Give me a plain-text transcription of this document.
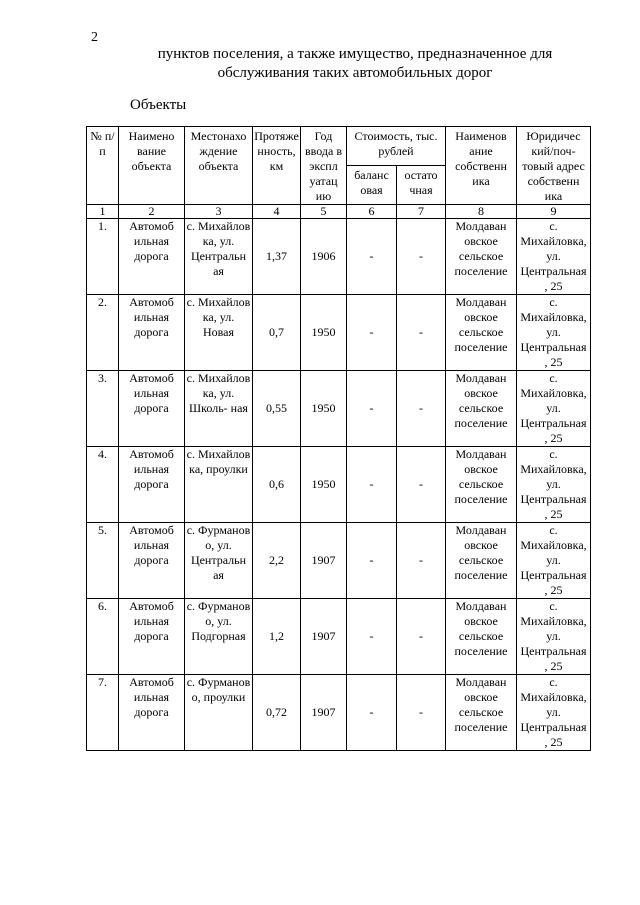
2
пунктов поселения, а также имущество, предназначенное для
обслуживания таких автомобильных дорог
Объекты
№ п/п	Наимено вание объекта	Местонахо ждение объекта	Протяже нность, км	Год ввода в экспл уатац ию	Стоимость, тыс. рублей		Наименов ание собственн ика	Юридичес кий/поч- товый адрес собственн ика
					баланс овая	остато чная		
1	2	3	4	5	6	7	8	9
1.	Автомоб ильная дорога	с. Михайлов ка, ул. Центральн ая	1,37	1906	-	-	Молдаван овское сельское поселение	с. Михайловка, ул. Центральная , 25
2.	Автомоб ильная дорога	с. Михайлов ка, ул. Новая	0,7	1950	-	-	Молдаван овское сельское поселение	с. Михайловка, ул. Центральная , 25
3.	Автомоб ильная дорога	с. Михайлов ка, ул. Школь- ная	0,55	1950	-	-	Молдаван овское сельское поселение	с. Михайловка, ул. Центральная , 25
4.	Автомоб ильная дорога	с. Михайлов ка, проулки	0,6	1950	-	-	Молдаван овское сельское поселение	с. Михайловка, ул. Центральная , 25
5.	Автомоб ильная дорога	с. Фурманов о, ул. Центральн ая	2,2	1907	-	-	Молдаван овское сельское поселение	с. Михайловка, ул. Центральная , 25
6.	Автомоб ильная дорога	с. Фурманов о, ул. Подгорная	1,2	1907	-	-	Молдаван овское сельское поселение	с. Михайловка, ул. Центральная , 25
7.	Автомоб ильная дорога	с. Фурманов о, проулки	0,72	1907	-	-	Молдаван овское сельское поселение	с. Михайловка, ул. Центральная , 25
